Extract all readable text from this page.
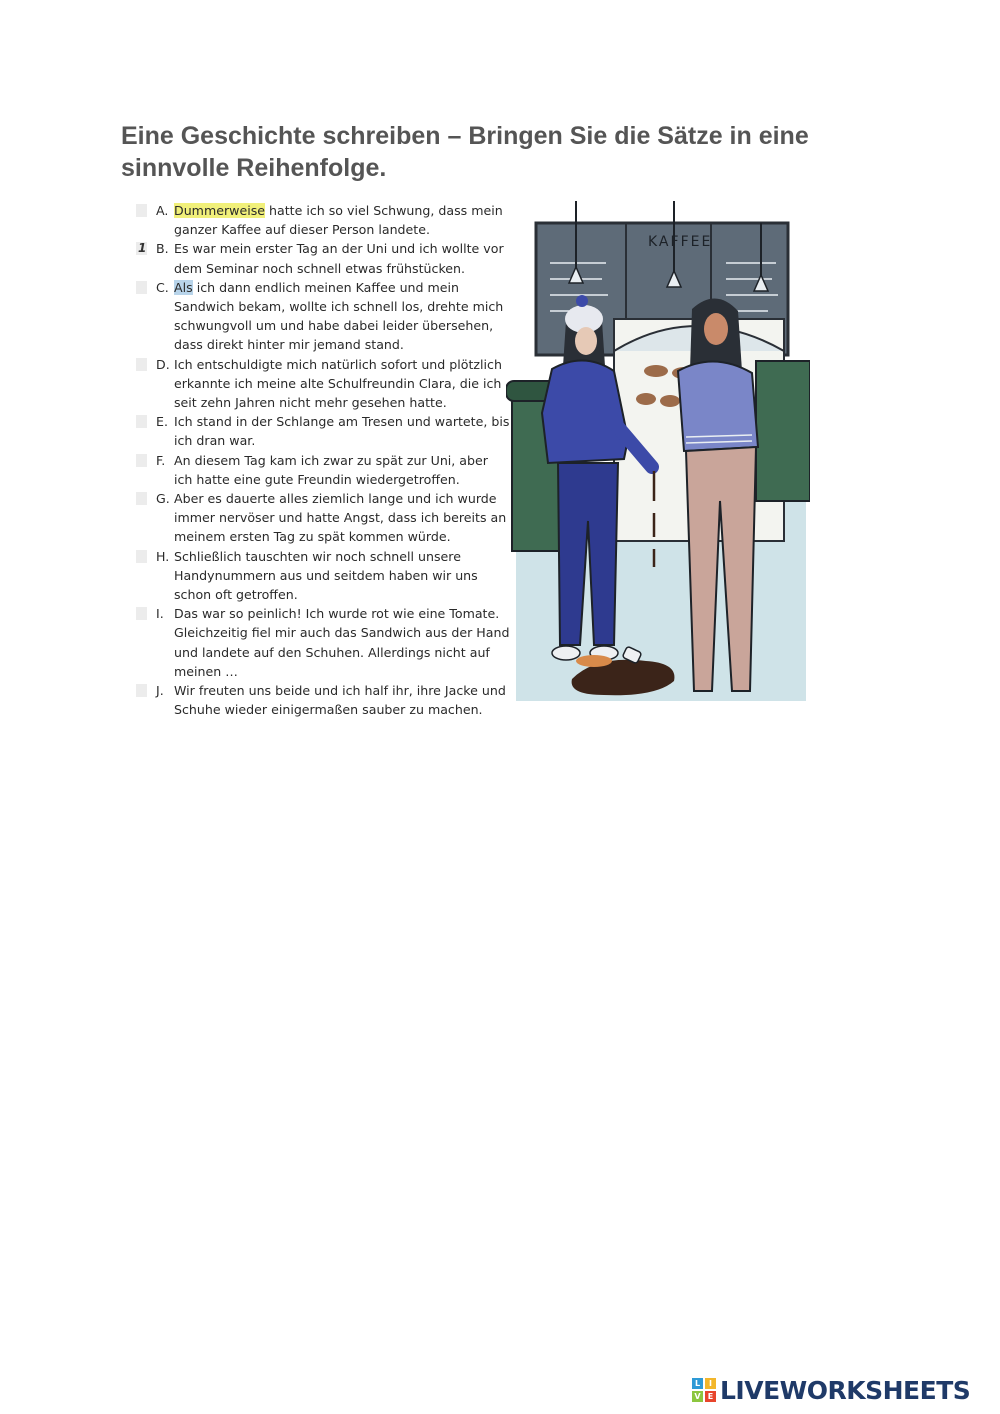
Eine Geschichte schreiben – Bringen Sie die Sätze in eine sinnvolle Reihenfolge.
A. Dummerweise hatte ich so viel Schwung, dass mein ganzer Kaffee auf dieser Person landete.
1 B. Es war mein erster Tag an der Uni und ich wollte vor dem Seminar noch schnell etwas frühstücken.
C. Als ich dann endlich meinen Kaffee und mein Sandwich bekam, wollte ich schnell los, drehte mich schwungvoll um und habe dabei leider übersehen, dass direkt hinter mir jemand stand.
D. Ich entschuldigte mich natürlich sofort und plötzlich erkannte ich meine alte Schulfreundin Clara, die ich seit zehn Jahren nicht mehr gesehen hatte.
E. Ich stand in der Schlange am Tresen und wartete, bis ich dran war.
F. An diesem Tag kam ich zwar zu spät zur Uni, aber ich hatte eine gute Freundin wiedergetroffen.
G. Aber es dauerte alles ziemlich lange und ich wurde immer nervöser und hatte Angst, dass ich bereits an meinem ersten Tag zu spät kommen würde.
H. Schließlich tauschten wir noch schnell unsere Handynummern aus und seitdem haben wir uns schon oft getroffen.
I. Das war so peinlich! Ich wurde rot wie eine Tomate. Gleichzeitig fiel mir auch das Sandwich aus der Hand und landete auf den Schuhen. Allerdings nicht auf meinen …
J. Wir freuten uns beide und ich half ihr, ihre Jacke und Schuhe wieder einigermaßen sauber zu machen.
KAFFEE
L	I
V E LIVEWORKSHEETS
